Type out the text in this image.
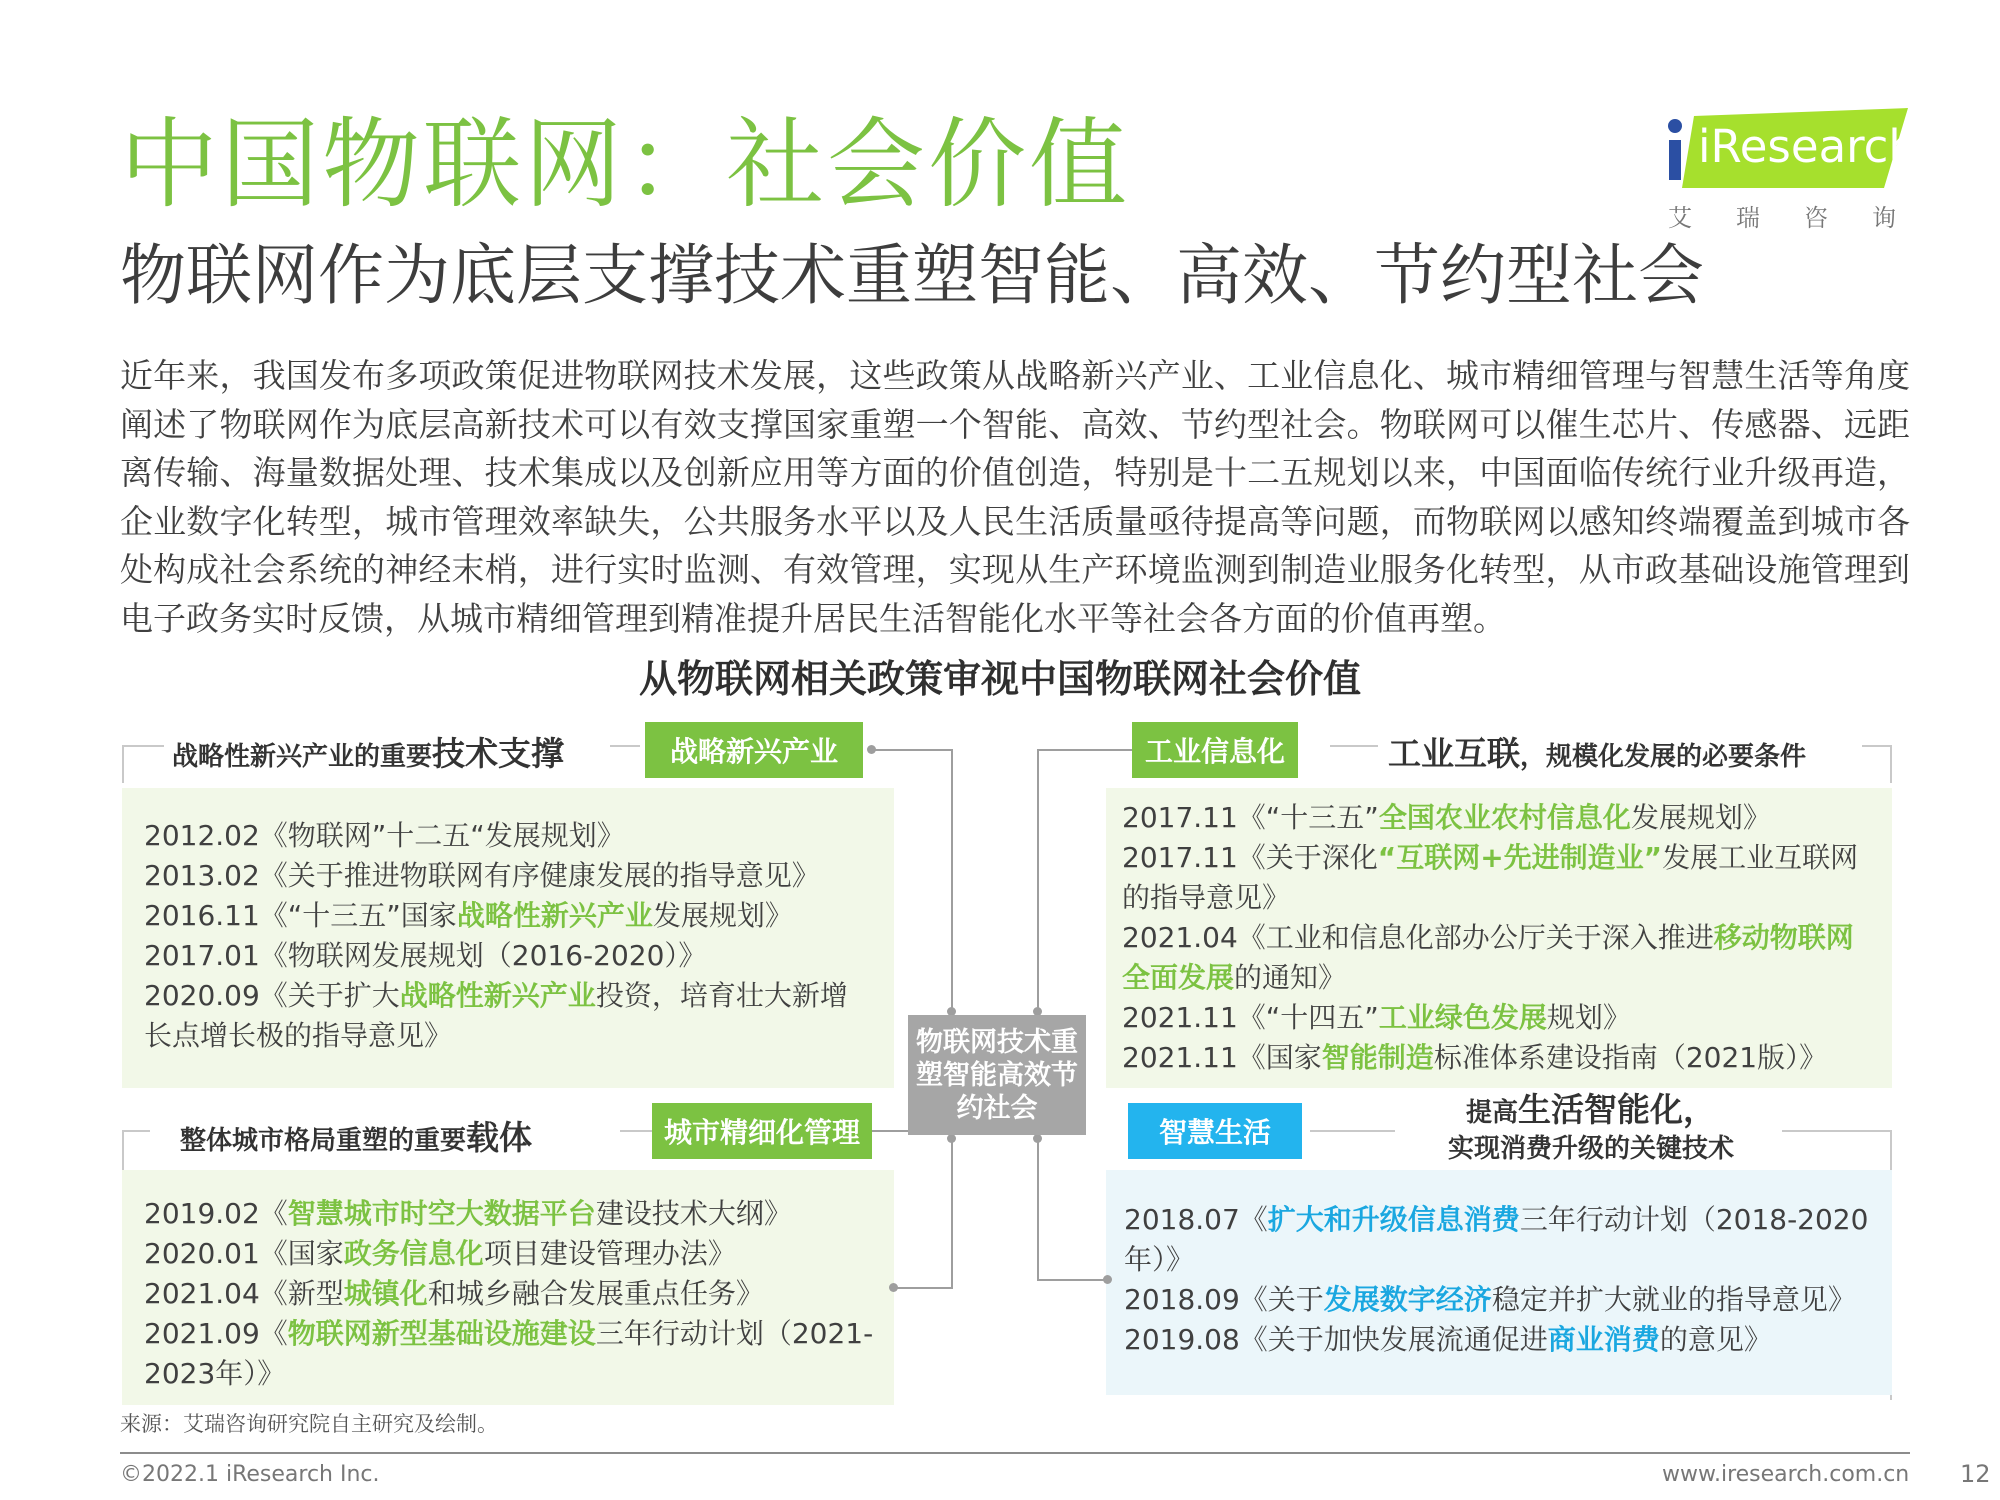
中国物联网：社会价值
物联网作为底层支撑技术重塑智能、高效、节约型社会
iResearch
艾瑞咨询
近年来，我国发布多项政策促进物联网技术发展，这些政策从战略新兴产业、工业信息化、城市精细管理与智慧生活等角度阐述了物联网作为底层高新技术可以有效支撑国家重塑一个智能、高效、节约型社会。物联网可以催生芯片、传感器、远距离传输、海量数据处理、技术集成以及创新应用等方面的价值创造，特别是十二五规划以来，中国面临传统行业升级再造，企业数字化转型，城市管理效率缺失，公共服务水平以及人民生活质量亟待提高等问题，而物联网以感知终端覆盖到城市各处构成社会系统的神经末梢，进行实时监测、有效管理，实现从生产环境监测到制造业服务化转型，从市政基础设施管理到电子政务实时反馈，从城市精细管理到精准提升居民生活智能化水平等社会各方面的价值再塑。
从物联网相关政策审视中国物联网社会价值
战略性新兴产业的重要技术支撑	战略新兴产业
2012.02《物联网”十二五“发展规划》
2013.02《关于推进物联网有序健康发展的指导意见》
2016.11《“十三五”国家战略性新兴产业发展规划》
2017.01《物联网发展规划（2016-2020）》
2020.09《关于扩大战略性新兴产业投资，培育壮大新增长点增长极的指导意见》
工业信息化	工业互联，规模化发展的必要条件
2017.11《“十三五”全国农业农村信息化发展规划》
2017.11《关于深化“互联网+先进制造业”发展工业互联网的指导意见》
2021.04《工业和信息化部办公厅关于深入推进移动物联网全面发展的通知》
2021.11《“十四五”工业绿色发展规划》
2021.11《国家智能制造标准体系建设指南（2021版）》
整体城市格局重塑的重要载体	城市精细化管理
2019.02《智慧城市时空大数据平台建设技术大纲》
2020.01《国家政务信息化项目建设管理办法》
2021.04《新型城镇化和城乡融合发展重点任务》
2021.09《物联网新型基础设施建设三年行动计划（2021-2023年）》
智慧生活
提高生活智能化，
实现消费升级的关键技术
2018.07《扩大和升级信息消费三年行动计划（2018-2020年）》
2018.09《关于发展数字经济稳定并扩大就业的指导意见》
2019.08《关于加快发展流通促进商业消费的意见》
物联网技术重塑智能高效节约社会
来源：艾瑞咨询研究院自主研究及绘制。
©2022.1 iResearch Inc.	www.iresearch.com.cn 12
